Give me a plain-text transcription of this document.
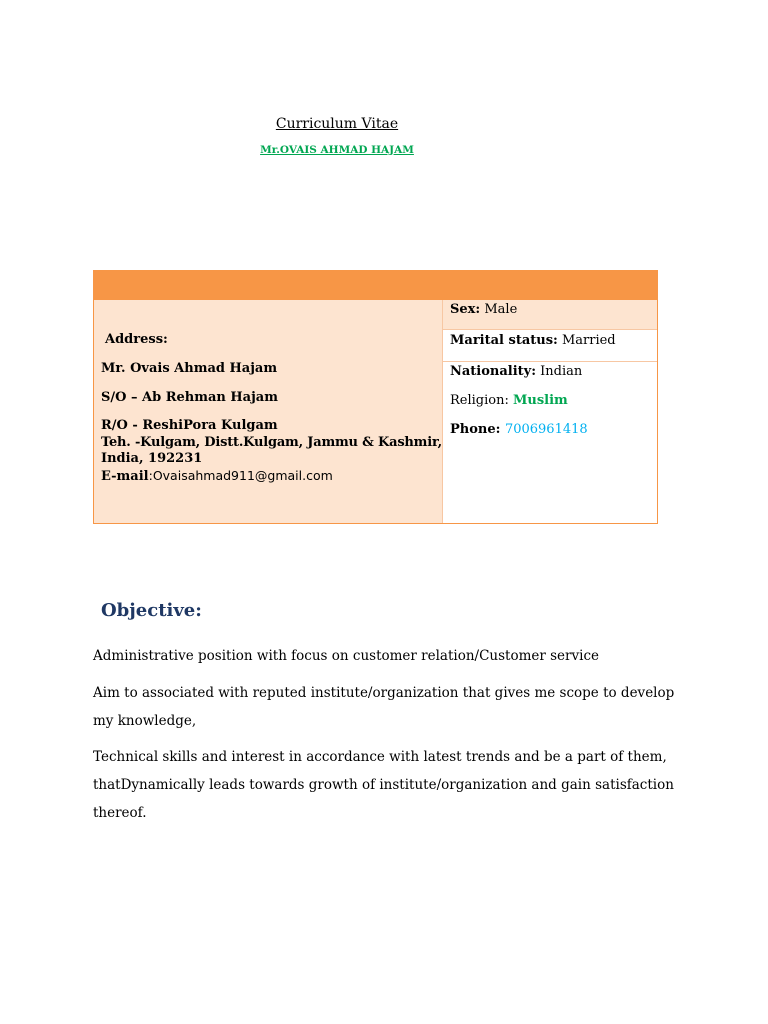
Curriculum Vitae
Mr.OVAIS AHMAD HAJAM
Address:
Mr. Ovais Ahmad Hajam
S/O – Ab Rehman Hajam
R/O - ReshiPora Kulgam
Teh. -Kulgam, Distt.Kulgam, Jammu & Kashmir,
India, 192231
E-mail:Ovaisahmad911@gmail.com
Sex: Male
Marital status: Married
Nationality: Indian
Religion: Muslim
Phone: 7006961418
Objective:
Administrative position with focus on customer relation/Customer service
Aim to associated with reputed institute/organization that gives me scope to develop my knowledge,
Technical skills and interest in accordance with latest trends and be a part of them, thatDynamically leads towards growth of institute/organization and gain satisfaction thereof.
